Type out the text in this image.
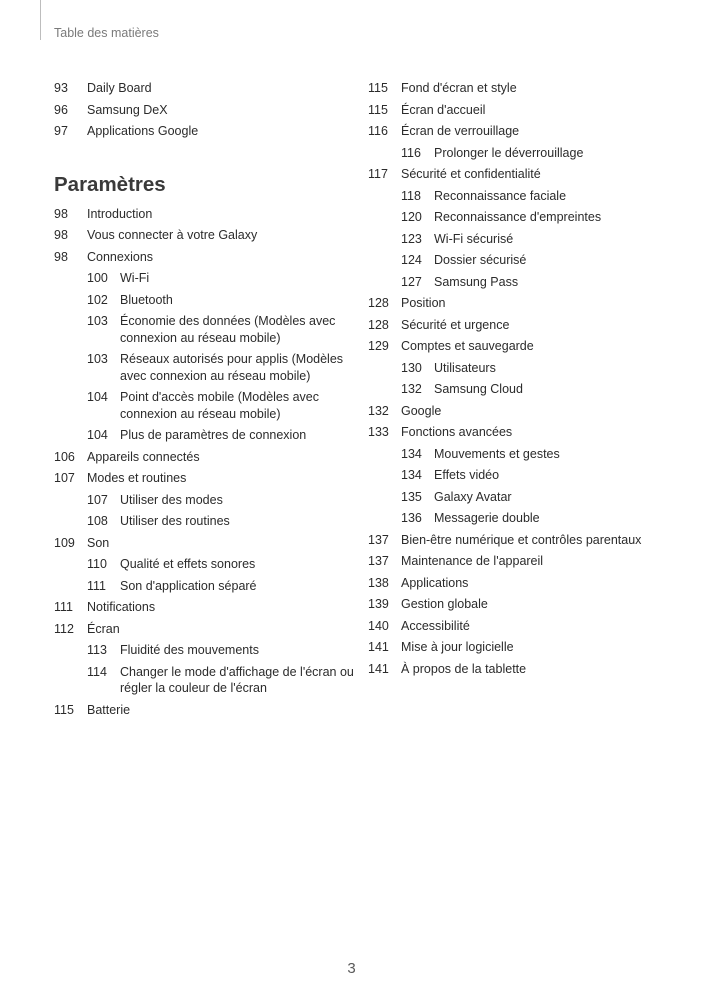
Table des matières
93	Daily Board
96	Samsung DeX
97	Applications Google
Paramètres
98	Introduction
98	Vous connecter à votre Galaxy
98	Connexions
100 Wi-Fi
102 Bluetooth
103 Économie des données (Modèles avec connexion au réseau mobile)
103 Réseaux autorisés pour applis (Modèles avec connexion au réseau mobile)
104 Point d'accès mobile (Modèles avec connexion au réseau mobile)
104 Plus de paramètres de connexion
106 Appareils connectés
107 Modes et routines
107 Utiliser des modes
108 Utiliser des routines
109 Son
110	Qualité et effets sonores
111	Son d'application séparé
111	Notifications
112	Écran
113	Fluidité des mouvements
114	Changer le mode d'affichage de l'écran ou régler la couleur de l'écran
115	Batterie
115	Fond d'écran et style
115	Écran d'accueil
116	Écran de verrouillage
116	Prolonger le déverrouillage
117	Sécurité et confidentialité
118	Reconnaissance faciale
120 Reconnaissance d'empreintes
123 Wi-Fi sécurisé
124 Dossier sécurisé
127 Samsung Pass
128 Position
128 Sécurité et urgence
129 Comptes et sauvegarde
130 Utilisateurs
132 Samsung Cloud
132 Google
133 Fonctions avancées
134 Mouvements et gestes
134 Effets vidéo
135 Galaxy Avatar
136 Messagerie double
137 Bien-être numérique et contrôles parentaux
137 Maintenance de l'appareil
138 Applications
139 Gestion globale
140 Accessibilité
141 Mise à jour logicielle
141 À propos de la tablette
3
